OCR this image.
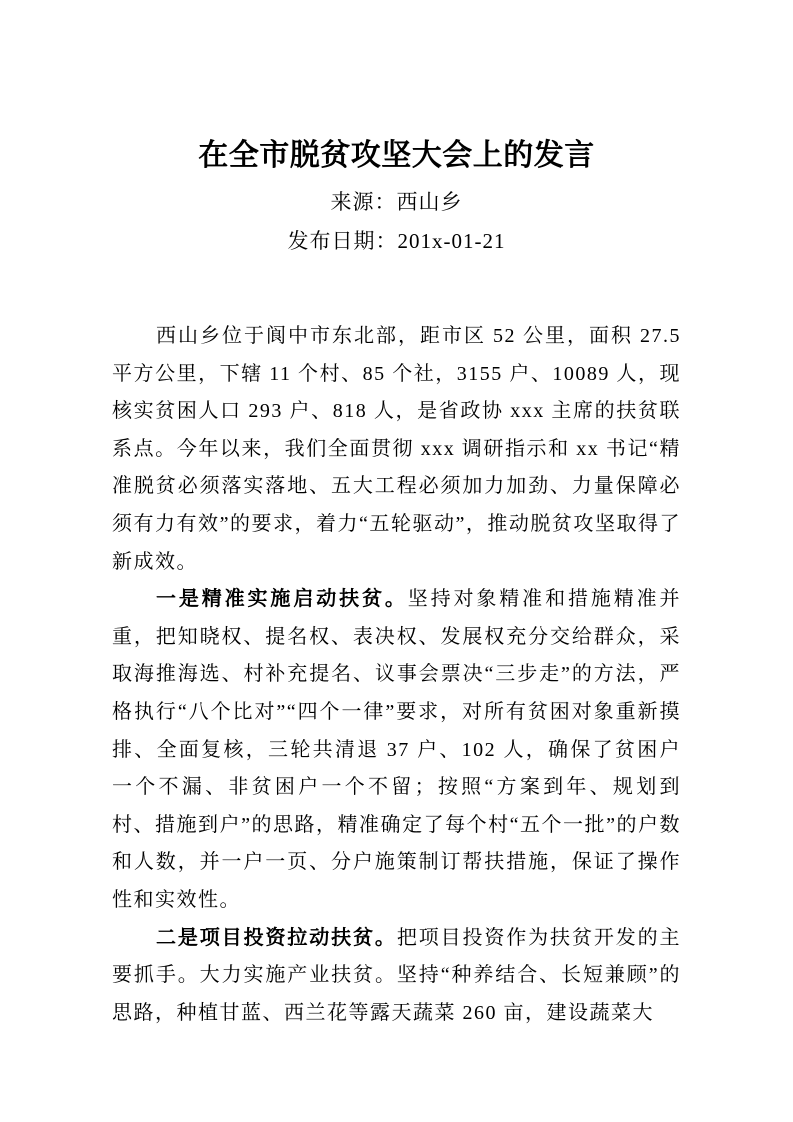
在全市脱贫攻坚大会上的发言
来源：西山乡
发布日期：201x-01-21

西山乡位于阆中市东北部，距市区 52 公里，面积 27.5 平方公里，下辖 11 个村、85 个社，3155 户、10089 人，现核实贫困人口 293 户、818 人，是省政协 xxx 主席的扶贫联系点。今年以来，我们全面贯彻 xxx 调研指示和 xx 书记“精准脱贫必须落实落地、五大工程必须加力加劲、力量保障必须有力有效”的要求，着力“五轮驱动”，推动脱贫攻坚取得了新成效。

一是精准实施启动扶贫。坚持对象精准和措施精准并重，把知晓权、提名权、表决权、发展权充分交给群众，采取海推海选、村补充提名、议事会票决“三步走”的方法，严格执行“八个比对”“四个一律”要求，对所有贫困对象重新摸排、全面复核，三轮共清退 37 户、102 人，确保了贫困户一个不漏、非贫困户一个不留；按照“方案到年、规划到村、措施到户”的思路，精准确定了每个村“五个一批”的户数和人数，并一户一页、分户施策制订帮扶措施，保证了操作性和实效性。

二是项目投资拉动扶贫。把项目投资作为扶贫开发的主要抓手。大力实施产业扶贫。坚持“种养结合、长短兼顾”的思路，种植甘蓝、西兰花等露天蔬菜 260 亩，建设蔬菜大
